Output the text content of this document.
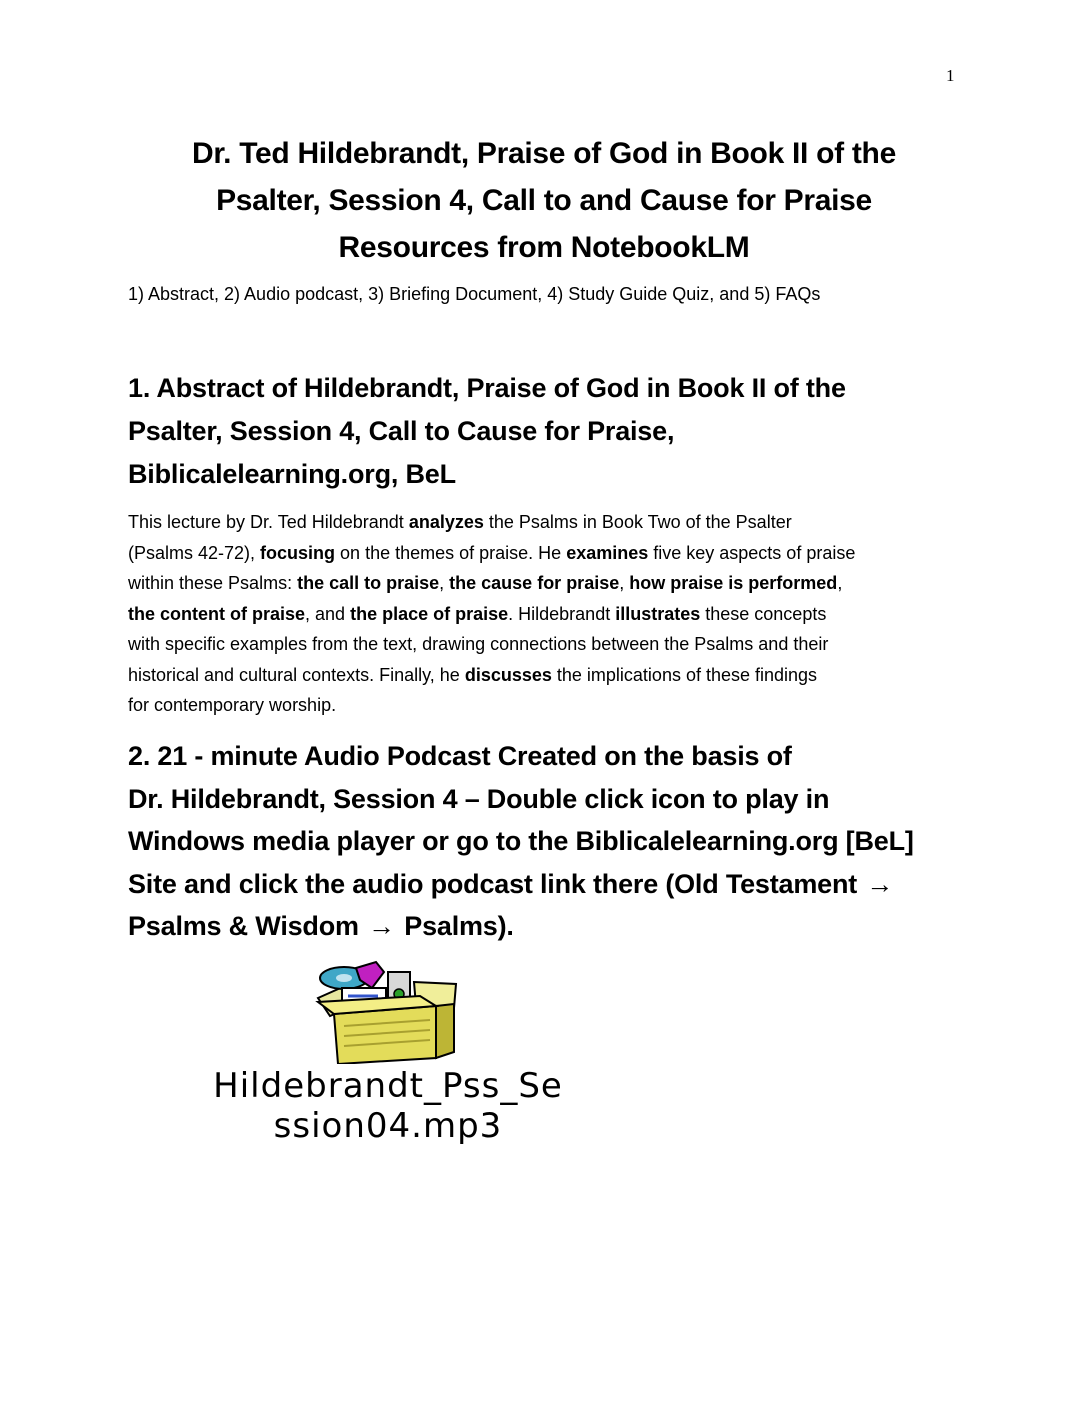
1
Dr. Ted Hildebrandt, Praise of God in Book II of the
Psalter, Session 4, Call to and Cause for Praise
Resources from NotebookLM
1) Abstract, 2) Audio podcast, 3) Briefing Document, 4) Study Guide Quiz, and 5) FAQs
1. Abstract of Hildebrandt, Praise of God in Book II of the
Psalter, Session 4, Call to Cause for Praise,
Biblicalelearning.org, BeL
This lecture by Dr. Ted Hildebrandt analyzes the Psalms in Book Two of the Psalter
(Psalms 42-72), focusing on the themes of praise. He examines five key aspects of praise
within these Psalms: the call to praise, the cause for praise, how praise is performed,
the content of praise, and the place of praise. Hildebrandt illustrates these concepts
with specific examples from the text, drawing connections between the Psalms and their
historical and cultural contexts. Finally, he discusses the implications of these findings
for contemporary worship.
2. 21 - minute Audio Podcast Created on the basis of
Dr. Hildebrandt, Session 4 – Double click icon to play in
Windows media player or go to the Biblicalelearning.org [BeL]
Site and click the audio podcast link there (Old Testament →
Psalms & Wisdom → Psalms).
Hildebrandt_Pss_Se
ssion04.mp3
